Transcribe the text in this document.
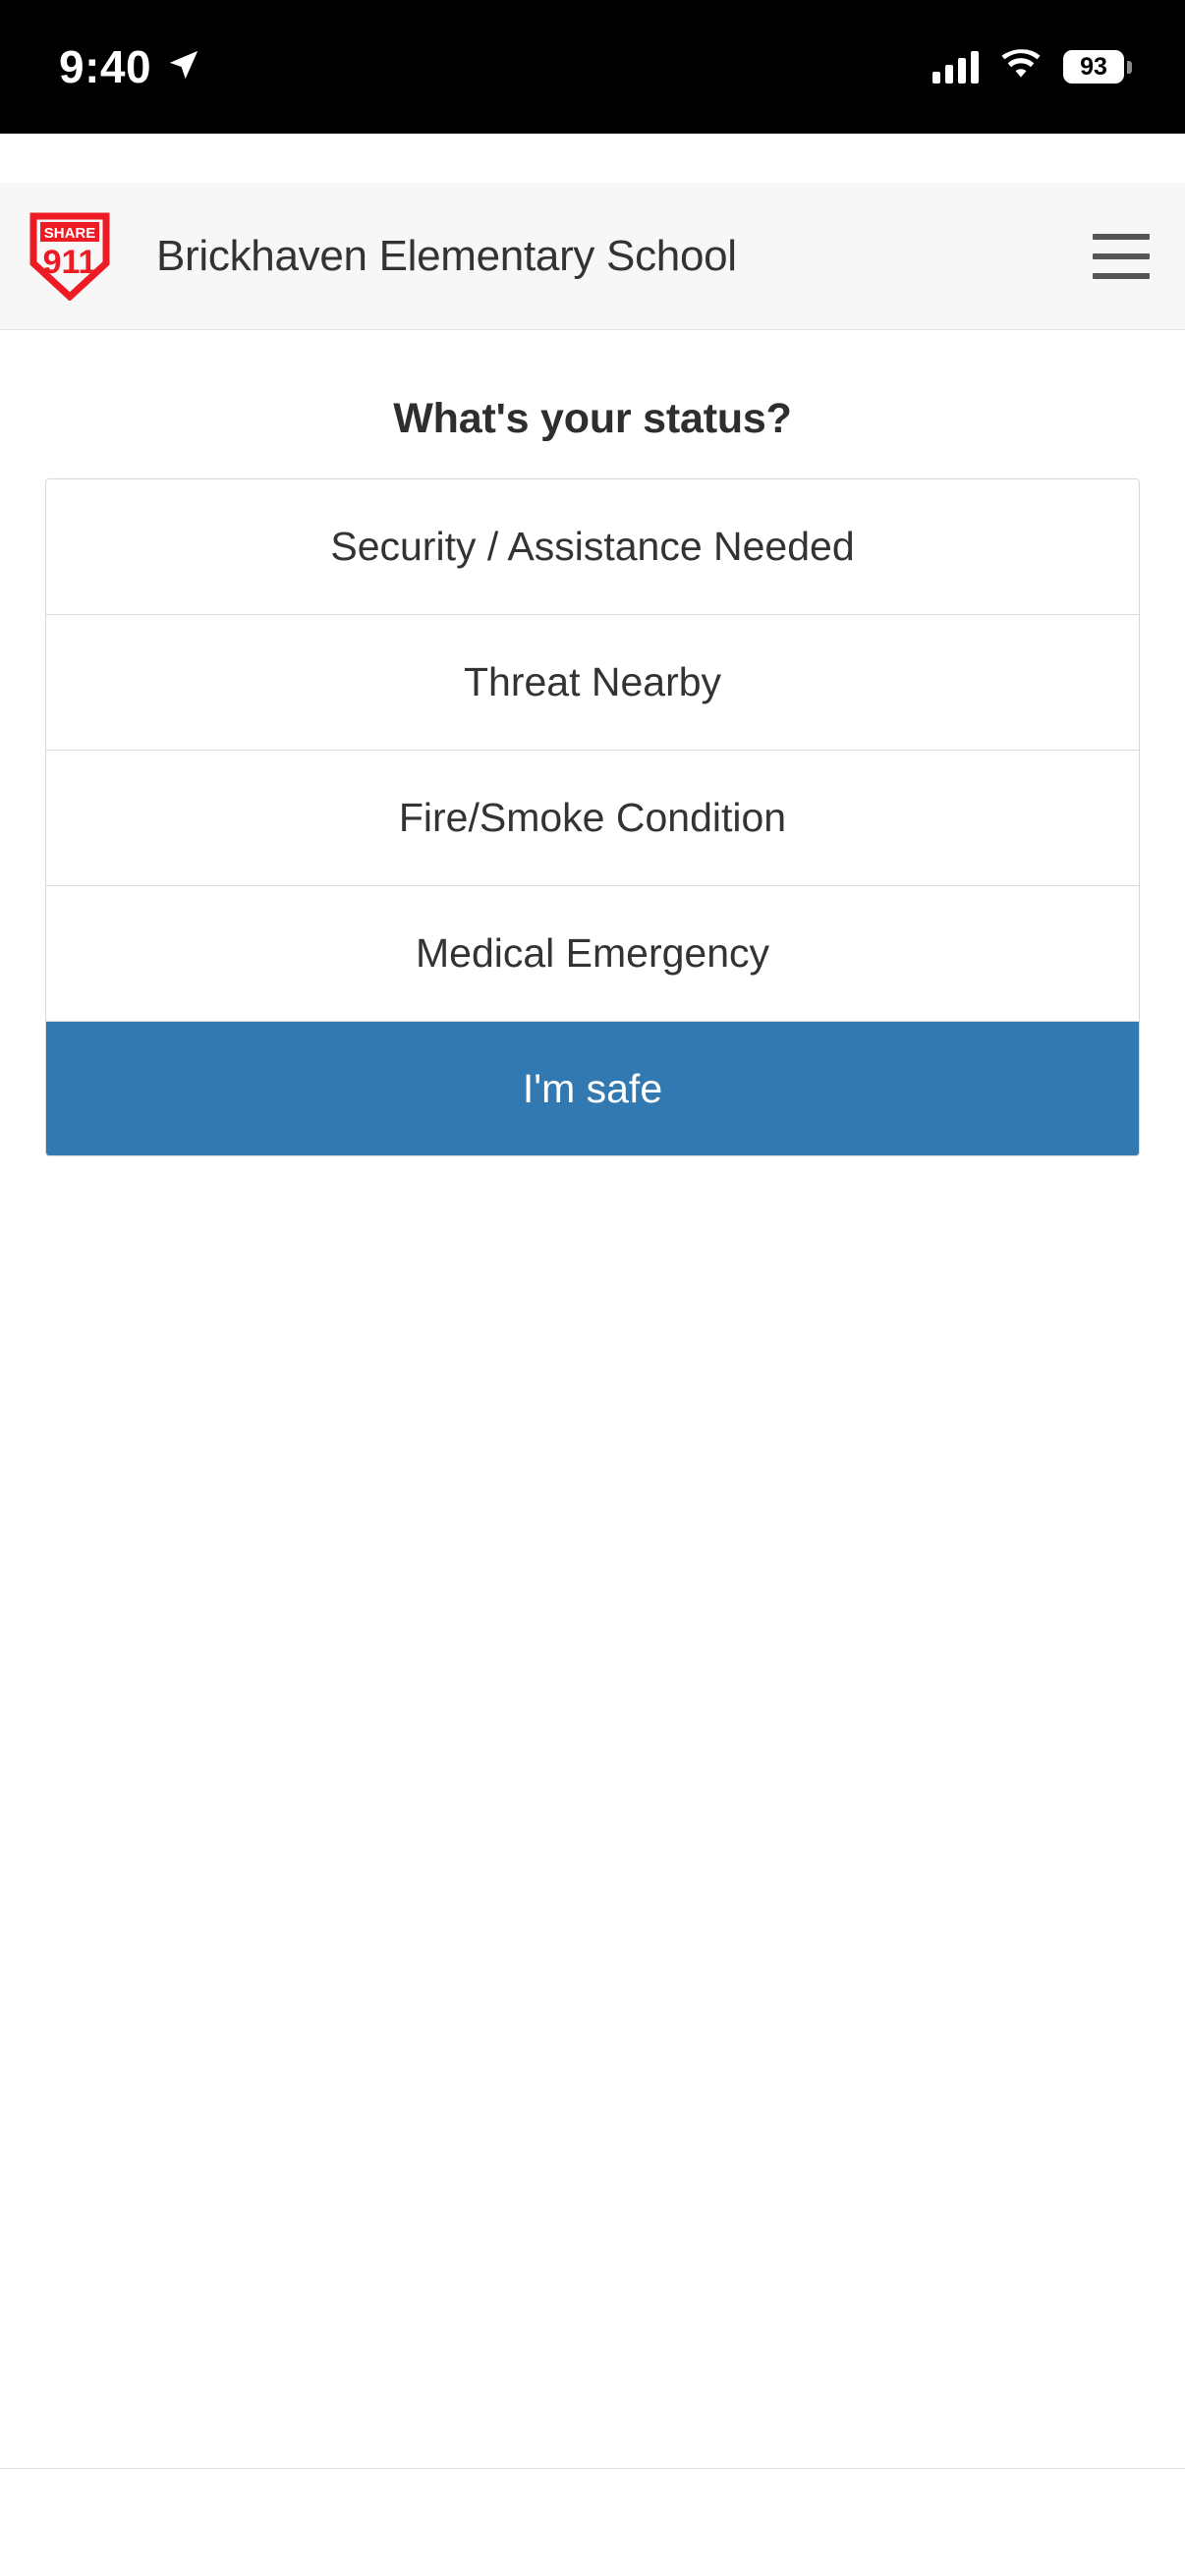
9:40	93
SHARE
911 Brickhaven Elementary School
What's your status?
Security / Assistance Needed
Threat Nearby
Fire/Smoke Condition
Medical Emergency
I'm safe
